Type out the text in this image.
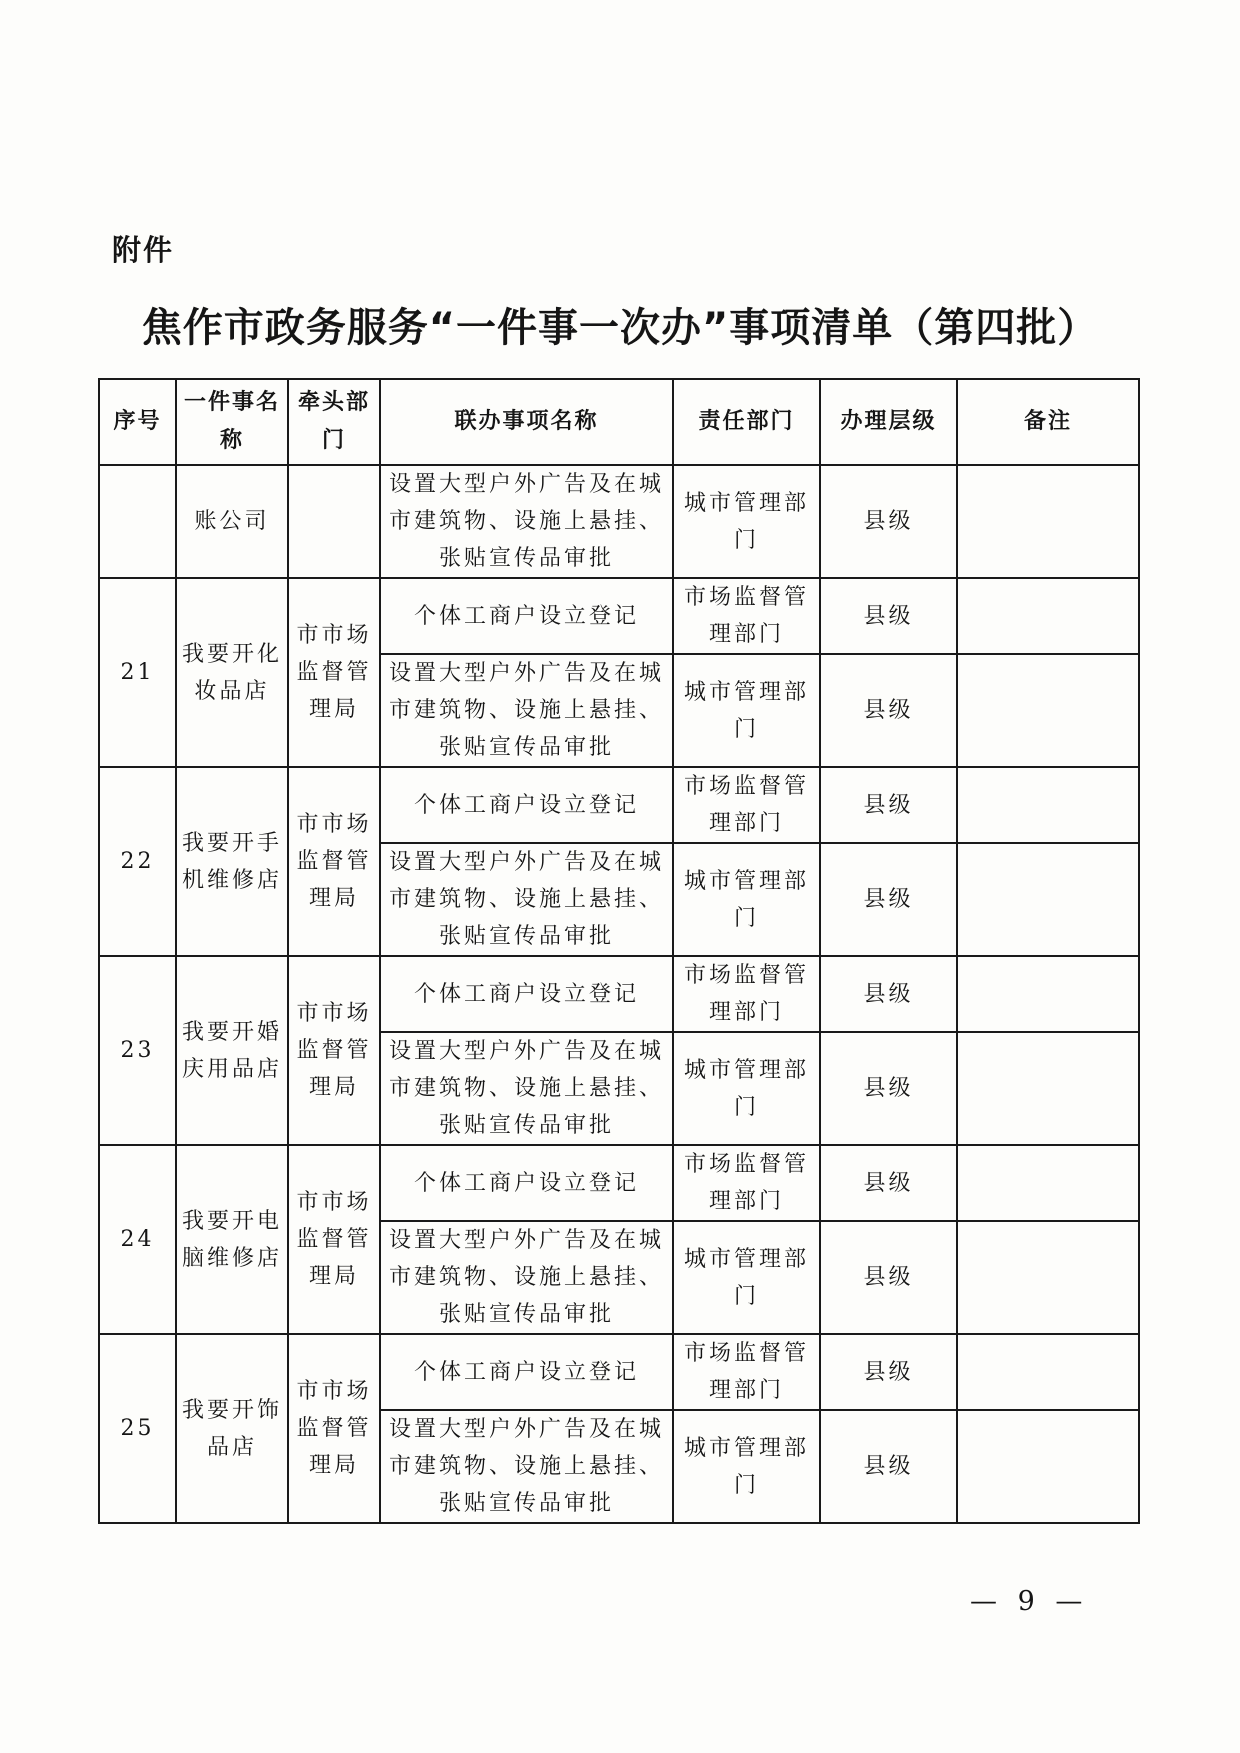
附件
焦作市政务服务“一件事一次办”事项清单（第四批）
序号	一件事名称	牵头部门	联办事项名称	责任部门	办理层级	备注
	账公司		设置大型户外广告及在城市建筑物、设施上悬挂、张贴宣传品审批	城市管理部门	县级	
21	我要开化妆品店	市市场监督管理局	个体工商户设立登记	市场监督管理部门	县级	
			设置大型户外广告及在城市建筑物、设施上悬挂、张贴宣传品审批	城市管理部门	县级	
22	我要开手机维修店	市市场监督管理局	个体工商户设立登记	市场监督管理部门	县级	
			设置大型户外广告及在城市建筑物、设施上悬挂、张贴宣传品审批	城市管理部门	县级	
23	我要开婚庆用品店	市市场监督管理局	个体工商户设立登记	市场监督管理部门	县级	
			设置大型户外广告及在城市建筑物、设施上悬挂、张贴宣传品审批	城市管理部门	县级	
24	我要开电脑维修店	市市场监督管理局	个体工商户设立登记	市场监督管理部门	县级	
			设置大型户外广告及在城市建筑物、设施上悬挂、张贴宣传品审批	城市管理部门	县级	
25	我要开饰品店	市市场监督管理局	个体工商户设立登记	市场监督管理部门	县级	
			设置大型户外广告及在城市建筑物、设施上悬挂、张贴宣传品审批	城市管理部门	县级	
— 9 —
